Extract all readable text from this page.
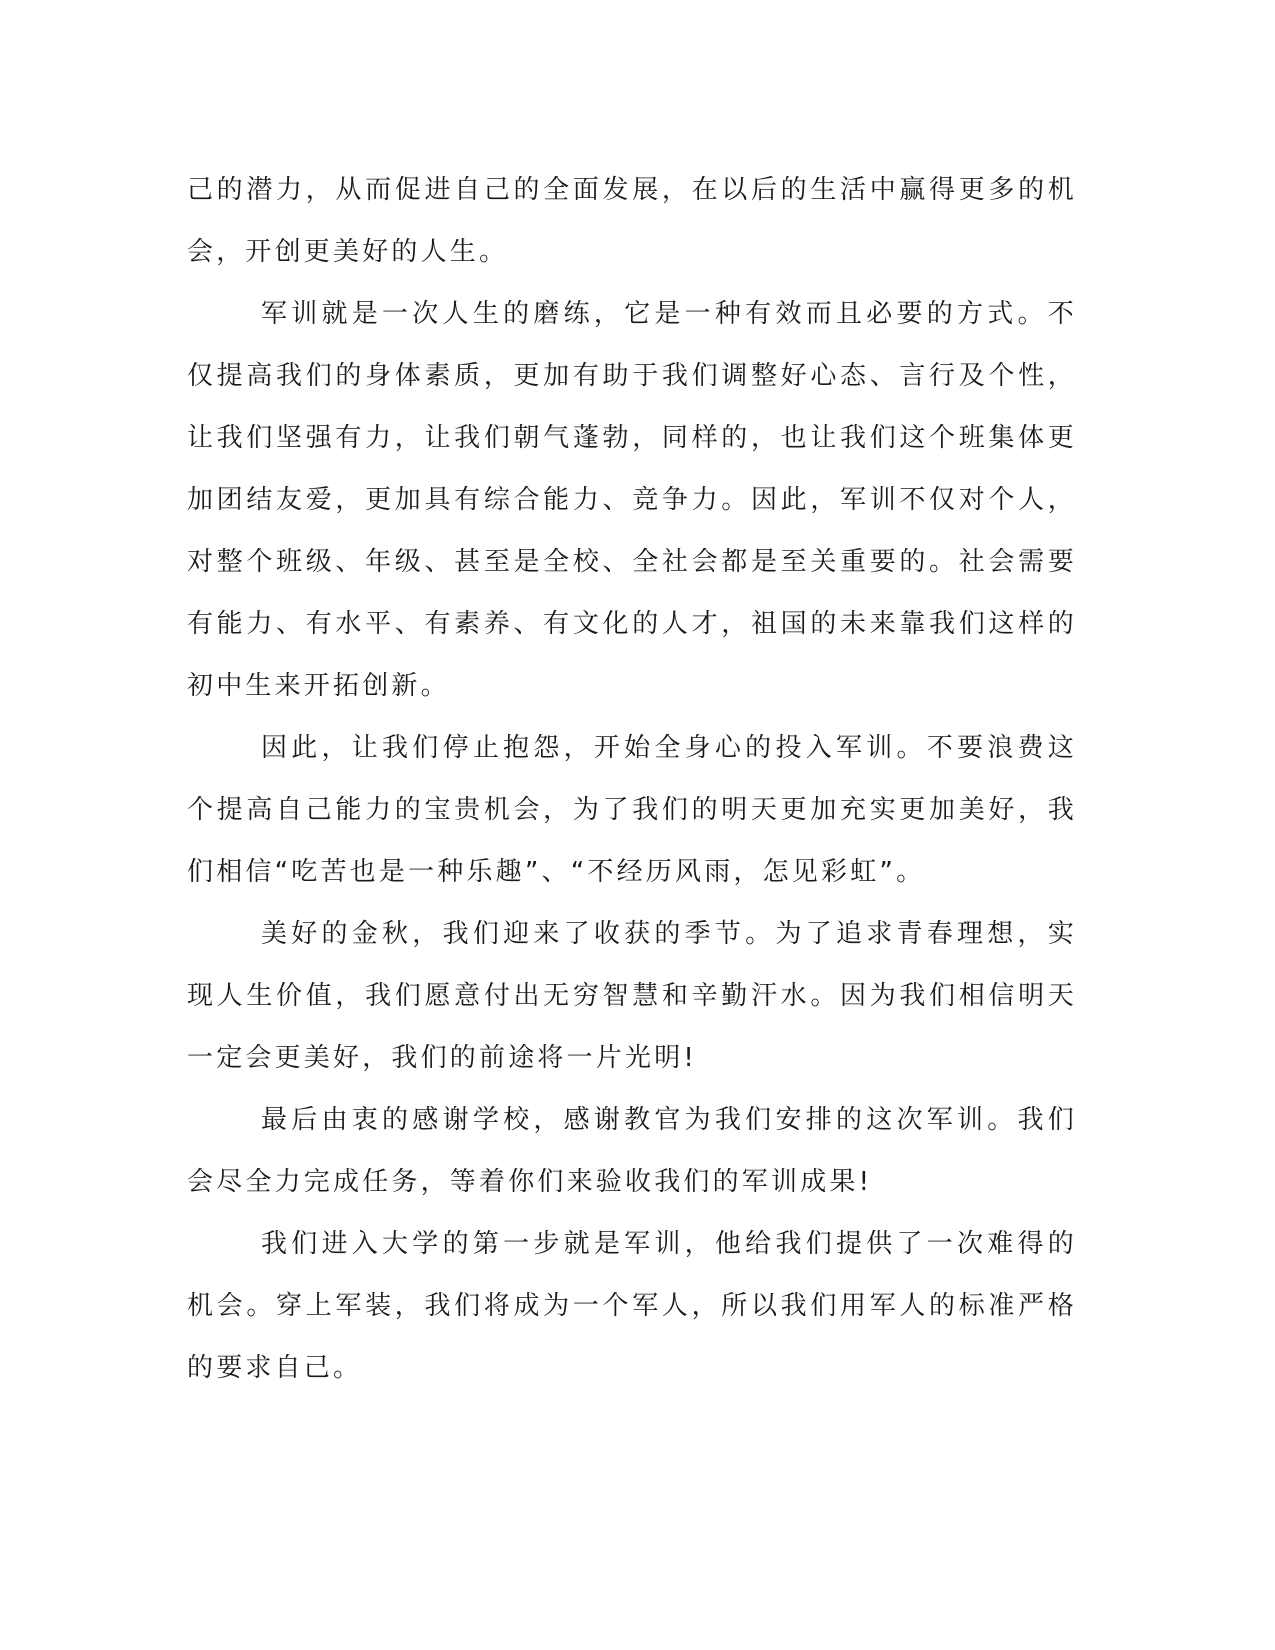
己的潜力，从而促进自己的全面发展，在以后的生活中赢得更多的机会，开创更美好的人生。

军训就是一次人生的磨练，它是一种有效而且必要的方式。不仅提高我们的身体素质，更加有助于我们调整好心态、言行及个性，让我们坚强有力，让我们朝气蓬勃，同样的，也让我们这个班集体更加团结友爱，更加具有综合能力、竞争力。因此，军训不仅对个人，对整个班级、年级、甚至是全校、全社会都是至关重要的。社会需要有能力、有水平、有素养、有文化的人才，祖国的未来靠我们这样的初中生来开拓创新。

因此，让我们停止抱怨，开始全身心的投入军训。不要浪费这个提高自己能力的宝贵机会，为了我们的明天更加充实更加美好，我们相信“吃苦也是一种乐趣”、“不经历风雨，怎见彩虹”。

美好的金秋，我们迎来了收获的季节。为了追求青春理想，实现人生价值，我们愿意付出无穷智慧和辛勤汗水。因为我们相信明天一定会更美好，我们的前途将一片光明!

最后由衷的感谢学校，感谢教官为我们安排的这次军训。我们会尽全力完成任务，等着你们来验收我们的军训成果!

我们进入大学的第一步就是军训，他给我们提供了一次难得的机会。穿上军装，我们将成为一个军人，所以我们用军人的标准严格的要求自己。
